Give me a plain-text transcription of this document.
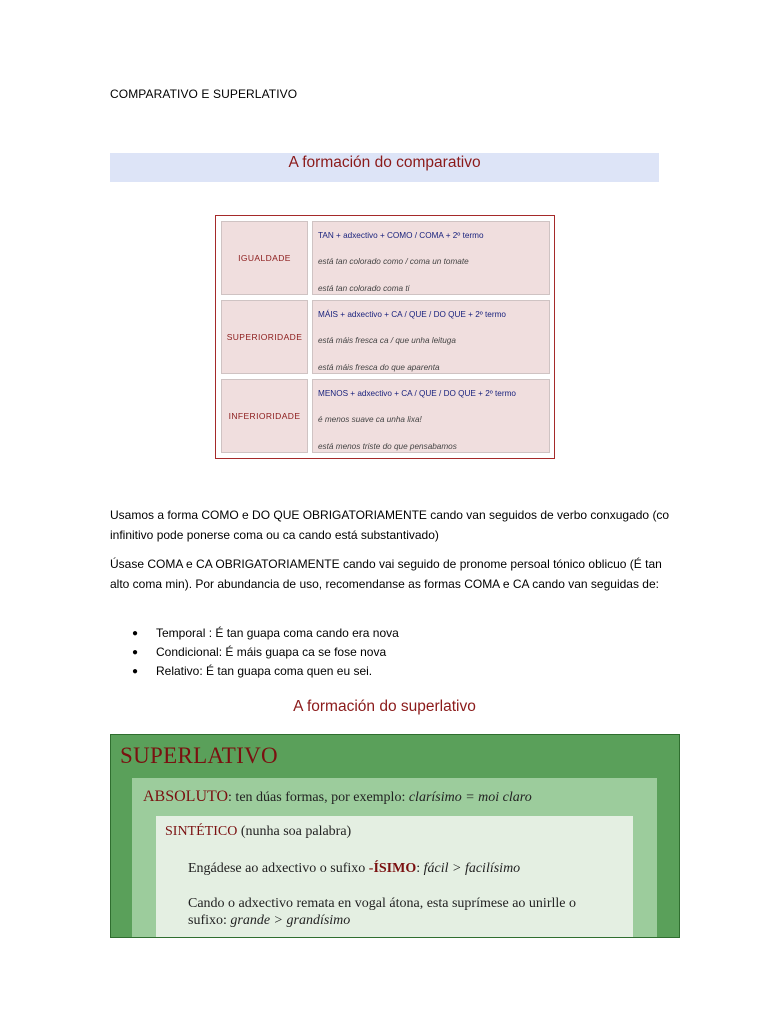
COMPARATIVO E SUPERLATIVO
A formación do comparativo
IGUALDADE
TAN + adxectivo + COMO / COMA + 2º termo
está tan colorado como / coma un tomate
está tan colorado coma ti
SUPERIORIDADE
MÁIS + adxectivo + CA / QUE / DO QUE + 2º termo
está máis fresca ca / que unha leituga
está máis fresca do que aparenta
INFERIORIDADE
MENOS + adxectivo + CA / QUE / DO QUE + 2º termo
é menos suave ca unha lixa!
está menos triste do que pensabamos
Usamos a forma COMO e DO QUE OBRIGATORIAMENTE cando van seguidos de verbo conxugado (co infinitivo pode ponerse coma ou ca cando está substantivado)
Úsase COMA e CA OBRIGATORIAMENTE cando vai seguido de pronome persoal tónico oblicuo (É tan alto coma min). Por abundancia de uso, recomendanse as formas COMA e CA cando van seguidas de:
● Temporal : É tan guapa coma cando era nova
● Condicional: É máis guapa ca se fose nova
● Relativo: É tan guapa coma quen eu sei.
A formación do superlativo
SUPERLATIVO
ABSOLUTO: ten dúas formas, por exemplo: clarísimo = moi claro
SINTÉTICO (nunha soa palabra)
Engádese ao adxectivo o sufixo -ÍSIMO: fácil > facilísimo
Cando o adxectivo remata en vogal átona, esta suprímese ao unirlle o sufixo: grande > grandísimo
